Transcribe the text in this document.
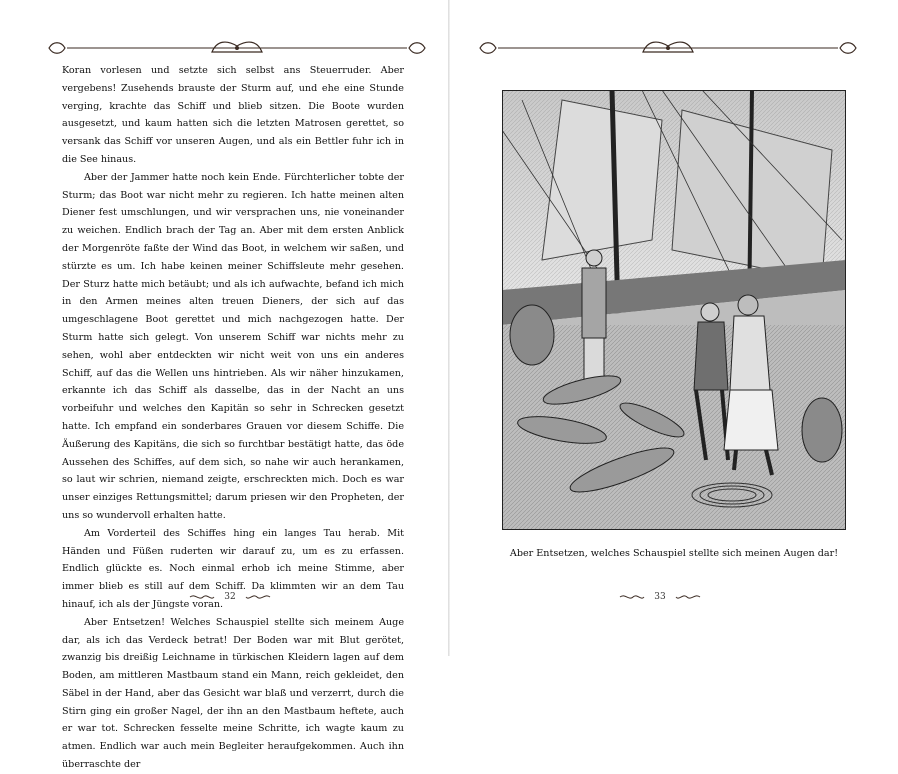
Koran vorlesen und setzte sich selbst ans Steuerruder. Aber vergebens! Zusehends brauste der Sturm auf, und ehe eine Stunde verging, krachte das Schiff und blieb sitzen. Die Boote wurden ausgesetzt, und kaum hatten sich die letzten Matrosen gerettet, so versank das Schiff vor unseren Augen, und als ein Bettler fuhr ich in die See hinaus.

Aber der Jammer hatte noch kein Ende. Fürchterlicher tobte der Sturm; das Boot war nicht mehr zu regieren. Ich hatte meinen alten Diener fest umschlungen, und wir versprachen uns, nie voneinander zu weichen. Endlich brach der Tag an. Aber mit dem ersten Anblick der Morgenröte faßte der Wind das Boot, in welchem wir saßen, und stürzte es um. Ich habe keinen meiner Schiffsleute mehr gesehen. Der Sturz hatte mich betäubt; und als ich aufwachte, befand ich mich in den Armen meines alten treuen Dieners, der sich auf das umgeschlagene Boot gerettet und mich nachgezogen hatte. Der Sturm hatte sich gelegt. Von unserem Schiff war nichts mehr zu sehen, wohl aber entdeckten wir nicht weit von uns ein anderes Schiff, auf das die Wellen uns hintrieben. Als wir näher hinzukamen, erkannte ich das Schiff als dasselbe, das in der Nacht an uns vorbeifuhr und welches den Kapitän so sehr in Schrecken gesetzt hatte. Ich empfand ein sonderbares Grauen vor diesem Schiffe. Die Äußerung des Kapitäns, die sich so furchtbar bestätigt hatte, das öde Aussehen des Schiffes, auf dem sich, so nahe wir auch herankamen, so laut wir schrien, niemand zeigte, erschreckten mich. Doch es war unser einziges Rettungsmittel; darum priesen wir den Propheten, der uns so wundervoll erhalten hatte.

Am Vorderteil des Schiffes hing ein langes Tau herab. Mit Händen und Füßen ruderten wir darauf zu, um es zu erfassen. Endlich glückte es. Noch einmal erhob ich meine Stimme, aber immer blieb es still auf dem Schiff. Da klimmten wir an dem Tau hinauf, ich als der Jüngste voran.

Aber Entsetzen! Welches Schauspiel stellte sich meinem Auge dar, als ich das Verdeck betrat! Der Boden war mit Blut gerötet, zwanzig bis dreißig Leichname in türkischen Kleidern lagen auf dem Boden, am mittleren Mastbaum stand ein Mann, reich gekleidet, den Säbel in der Hand, aber das Gesicht war blaß und verzerrt, durch die Stirn ging ein großer Nagel, der ihn an den Mastbaum heftete, auch er war tot. Schrecken fesselte meine Schritte, ich wagte kaum zu atmen. Endlich war auch mein Begleiter heraufgekommen. Auch ihn überraschte der

32
Aber Entsetzen, welches Schauspiel stellte sich meinen Augen dar!
33
